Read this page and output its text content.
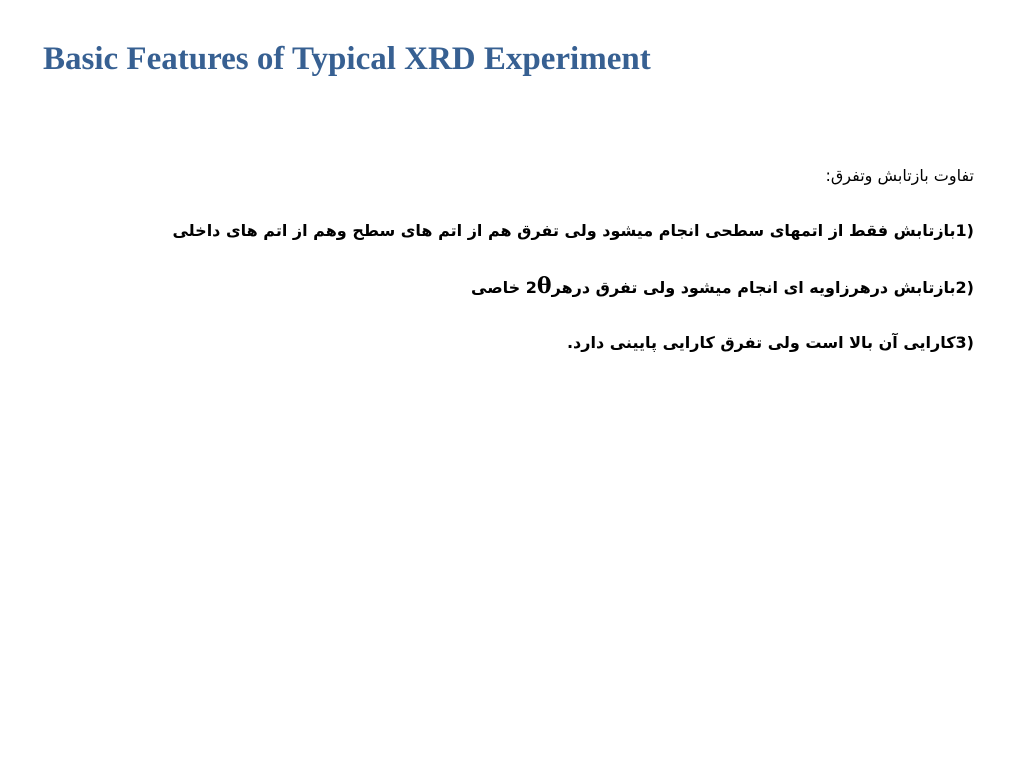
Basic Features of Typical XRD Experiment

تفاوت بازتابش وتفرق:

1)بازتابش فقط از اتمهای سطحی انجام میشود ولی تفرق هم از اتم های سطح وهم از اتم های داخلی

2)بازتابش درهرزاویه ای انجام میشود ولی تفرق درهر2θ خاصی

3)کارایی آن بالا است ولی تفرق کارایی پایینی دارد.
